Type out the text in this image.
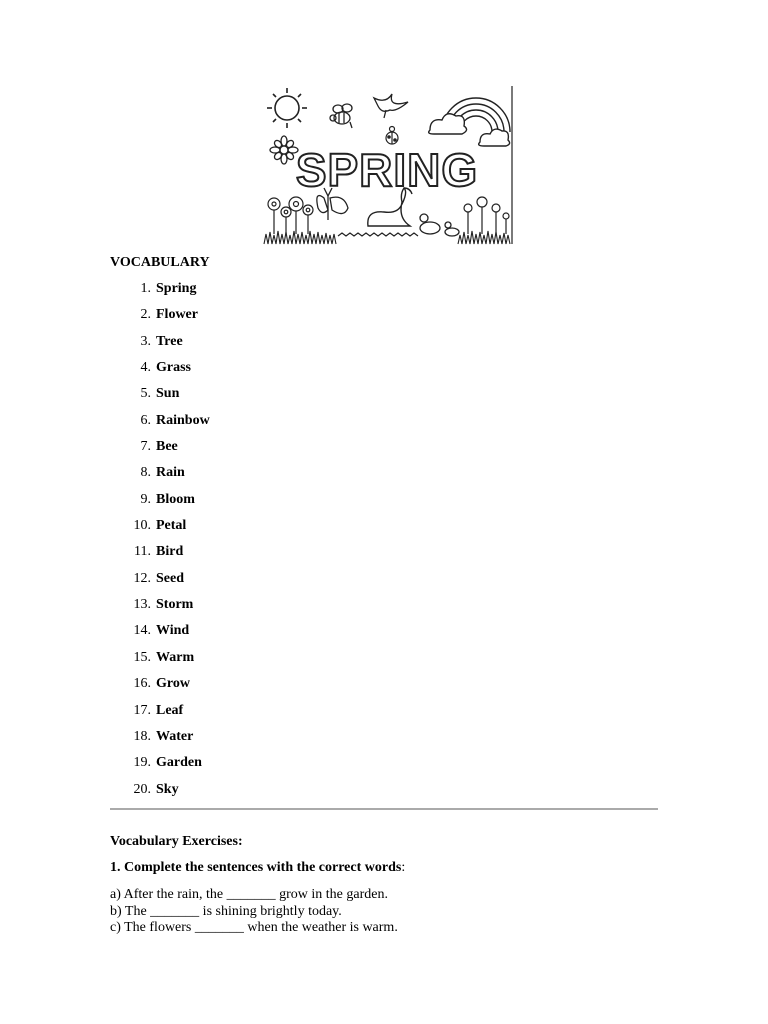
SPRING
VOCABULARY
1. Spring
2. Flower
3. Tree
4. Grass
5. Sun
6. Rainbow
7. Bee
8. Rain
9. Bloom
10. Petal
11. Bird
12. Seed
13. Storm
14. Wind
15. Warm
16. Grow
17. Leaf
18. Water
19. Garden
20. Sky
Vocabulary Exercises:
1. Complete the sentences with the correct words:
a) After the rain, the _______ grow in the garden.
b) The _______ is shining brightly today.
c) The flowers _______ when the weather is warm.
